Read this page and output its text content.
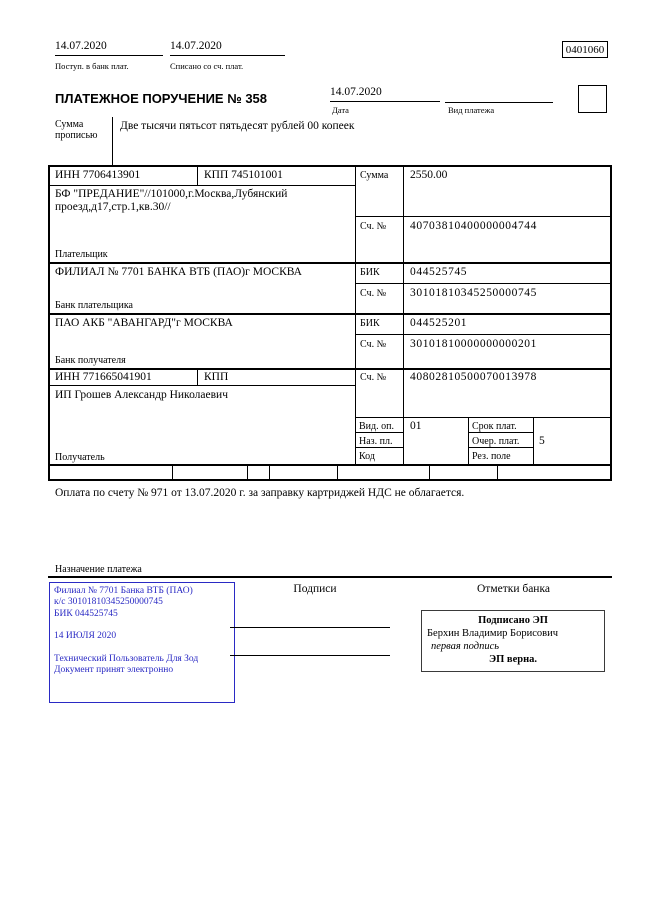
14.07.2020
Поступ. в банк плат.
14.07.2020
Списано со сч. плат.
0401060
ПЛАТЕЖНОЕ ПОРУЧЕНИЕ № 358	14.07.2020
Дата	Вид платежа
Сумма прописью
Две тысячи пятьсот пятьдесят рублей 00 копеек
ИНН 7706413901	КПП 745101001	Сумма 2550.00
БФ "ПРЕДАНИЕ"//101000,г.Москва,Лубянский проезд,д17,стр.1,кв.30//
Сч. № 40703810400000004744
Плательщик
ФИЛИАЛ № 7701 БАНКА ВТБ (ПАО)г МОСКВА	БИК	044525745
Сч. № 30101810345250000745
Банк плательщика
ПАО АКБ "АВАНГАРД"г МОСКВА	БИК	044525201
Сч. № 30101810000000000201
Банк получателя
ИНН 771665041901	КПП	Сч. № 40802810500070013978
ИП Грошев Александр Николаевич
Получатель
Вид. оп. 01	Срок плат.
Наз. пл.	Очер. плат. 5
Код	Рез. поле
Оплата по счету № 971 от 13.07.2020 г. за заправку картриджей НДС не облагается.
Назначение платежа
Подписи	Отметки банка
Филиал № 7701 Банка ВТБ (ПАО)
к/с 30101810345250000745
БИК 044525745
14 ИЮЛЯ 2020
Технический Пользователь Для Зод
Документ принят электронно
Подписано ЭП
Берхин Владимир Борисович
первая подпись
ЭП верна.
